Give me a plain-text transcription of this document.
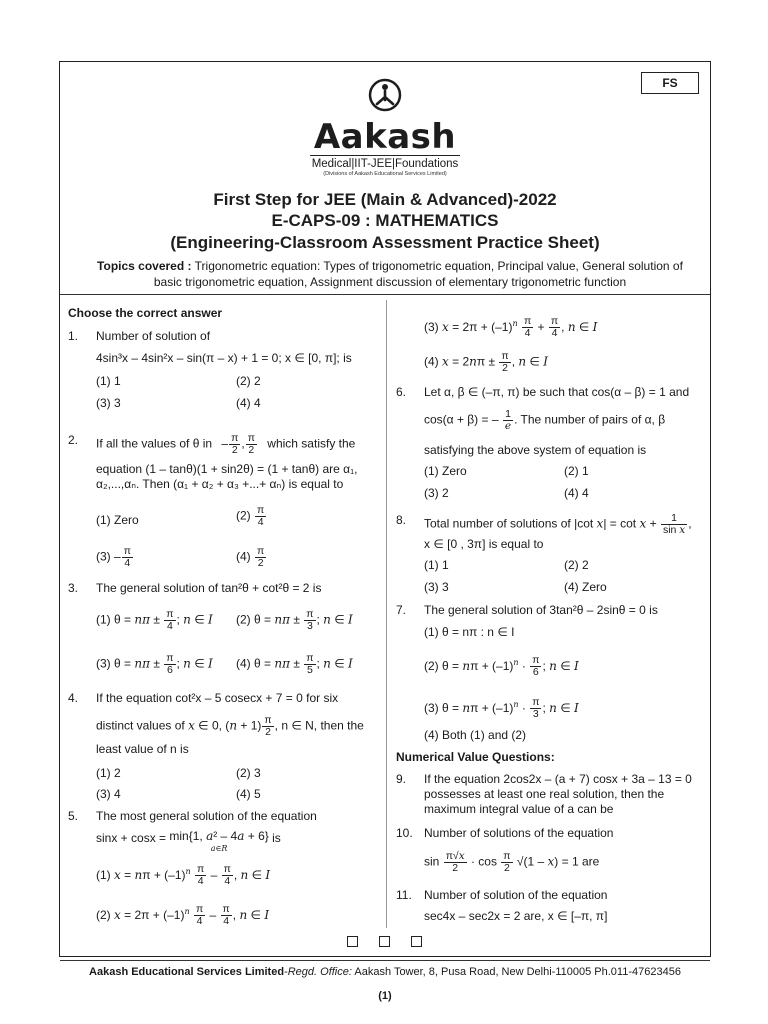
FS
Aakash
Medical|IIT-JEE|Foundations
(Divisions of Aakash Educational Services Limited)
First Step for JEE (Main & Advanced)-2022
E-CAPS-09 : MATHEMATICS
(Engineering-Classroom Assessment Practice Sheet)
Topics covered : Trigonometric equation: Types of trigonometric equation, Principal value, General solution of basic trigonometric equation, Assignment discussion of elementary trigonometric function
Choose the correct answer
1.	Number of solution of
4sin³x – 4sin²x – sin(π – x) + 1 = 0; x ∈ [0, π]; is
(1) 1	(2) 2
(3) 3	(4) 4
2.	If all the values of θ in – $\frac{\pi}{2}$ , $\frac{\pi}{2}$ which satisfy the
equation (1 – tanθ)(1 + sin2θ) = (1 + tanθ) are α₁, α₂,...,αₙ. Then (α₁ + α₂ + α₃ +...+ αₙ) is equal to
(1) Zero	$(2) \frac{\pi}{4}$
$(3) - \frac{\pi}{4}$	$(4) \frac{\pi}{2}$
3.	The general solution of tan²θ + cot²θ = 2 is
(1) $\theta = n\pi \pm \frac{\pi}{4}$ ; n ∈ I (2) $\theta = n\pi \pm \frac{\pi}{3}$ ; n ∈ I
(3) $\theta = n\pi \pm \frac{\pi}{6}$ ; n ∈ I (4) $\theta = n\pi \pm \frac{\pi}{5}$ ; n ∈ I
4.	If the equation cot²x – 5 cosecx + 7 = 0 for six
distinct values of x ∈ 0, $(n + 1) \frac{\pi}{2}$ , n ∈ N, then the
least value of n is
(1) 2	(2) 3
(3) 4	(4) 5
5.	The most general solution of the equation
sinx + cosx = min{1, a² – 4a + 6}
a∈R is
(1) $x = n\pi + (-1)^n \frac{\pi}{4} - \frac{\pi}{4}$ , n ∈ I
(2) $x = 2\pi + (-1)^n \frac{\pi}{4} - \frac{\pi}{4}$ , n ∈ I
(3) $x = 2\pi + (-1)^n \frac{\pi}{4} + \frac{\pi}{4}$ , n ∈ I
(4) $x = 2n\pi \pm \frac{\pi}{2}$ , n ∈ I
6.	Let α, β ∈ (–π, π) be such that cos(α – β) = 1 and
cos(α + β) = – $\frac{1}{e}$ . The number of pairs of α, β
satisfying the above system of equation is
(1) Zero	(2) 1
(3) 2	(4) 4
8.	Total number of solutions of |cot $x| = \cot x + \frac{1}{\text{sin x}}$ ,
x ∈ [0 , 3π] is equal to
(1) 1	(2) 2
(3) 3	(4) Zero
7.	The general solution of 3tan²θ – 2sinθ = 0 is
(1) θ = nπ : n ∈ I
(2) $\theta = n\pi + (-1)^n \cdot \frac{\pi}{6}$ ; n ∈ I
(3) $\theta = n\pi + (-1)^n \cdot \frac{\pi}{3}$ ; n ∈ I
(4) Both (1) and (2)
Numerical Value Questions:
9.	If the equation 2cos2x – (a + 7) cosx + 3a – 13 = 0 possesses at least one real solution, then the maximum integral value of a can be
10. Number of solutions of the equation
$\sin \frac{\pi√x}{2} \cdot \cos \frac{\pi}{2} √(1 - x) = 1$ are
11.	Number of solution of the equation
sec4x – sec2x = 2 are, x ∈ [–π, π]
Aakash Educational Services Limited-Regd. Office: Aakash Tower, 8, Pusa Road, New Delhi-110005 Ph.011-47623456
(1)
